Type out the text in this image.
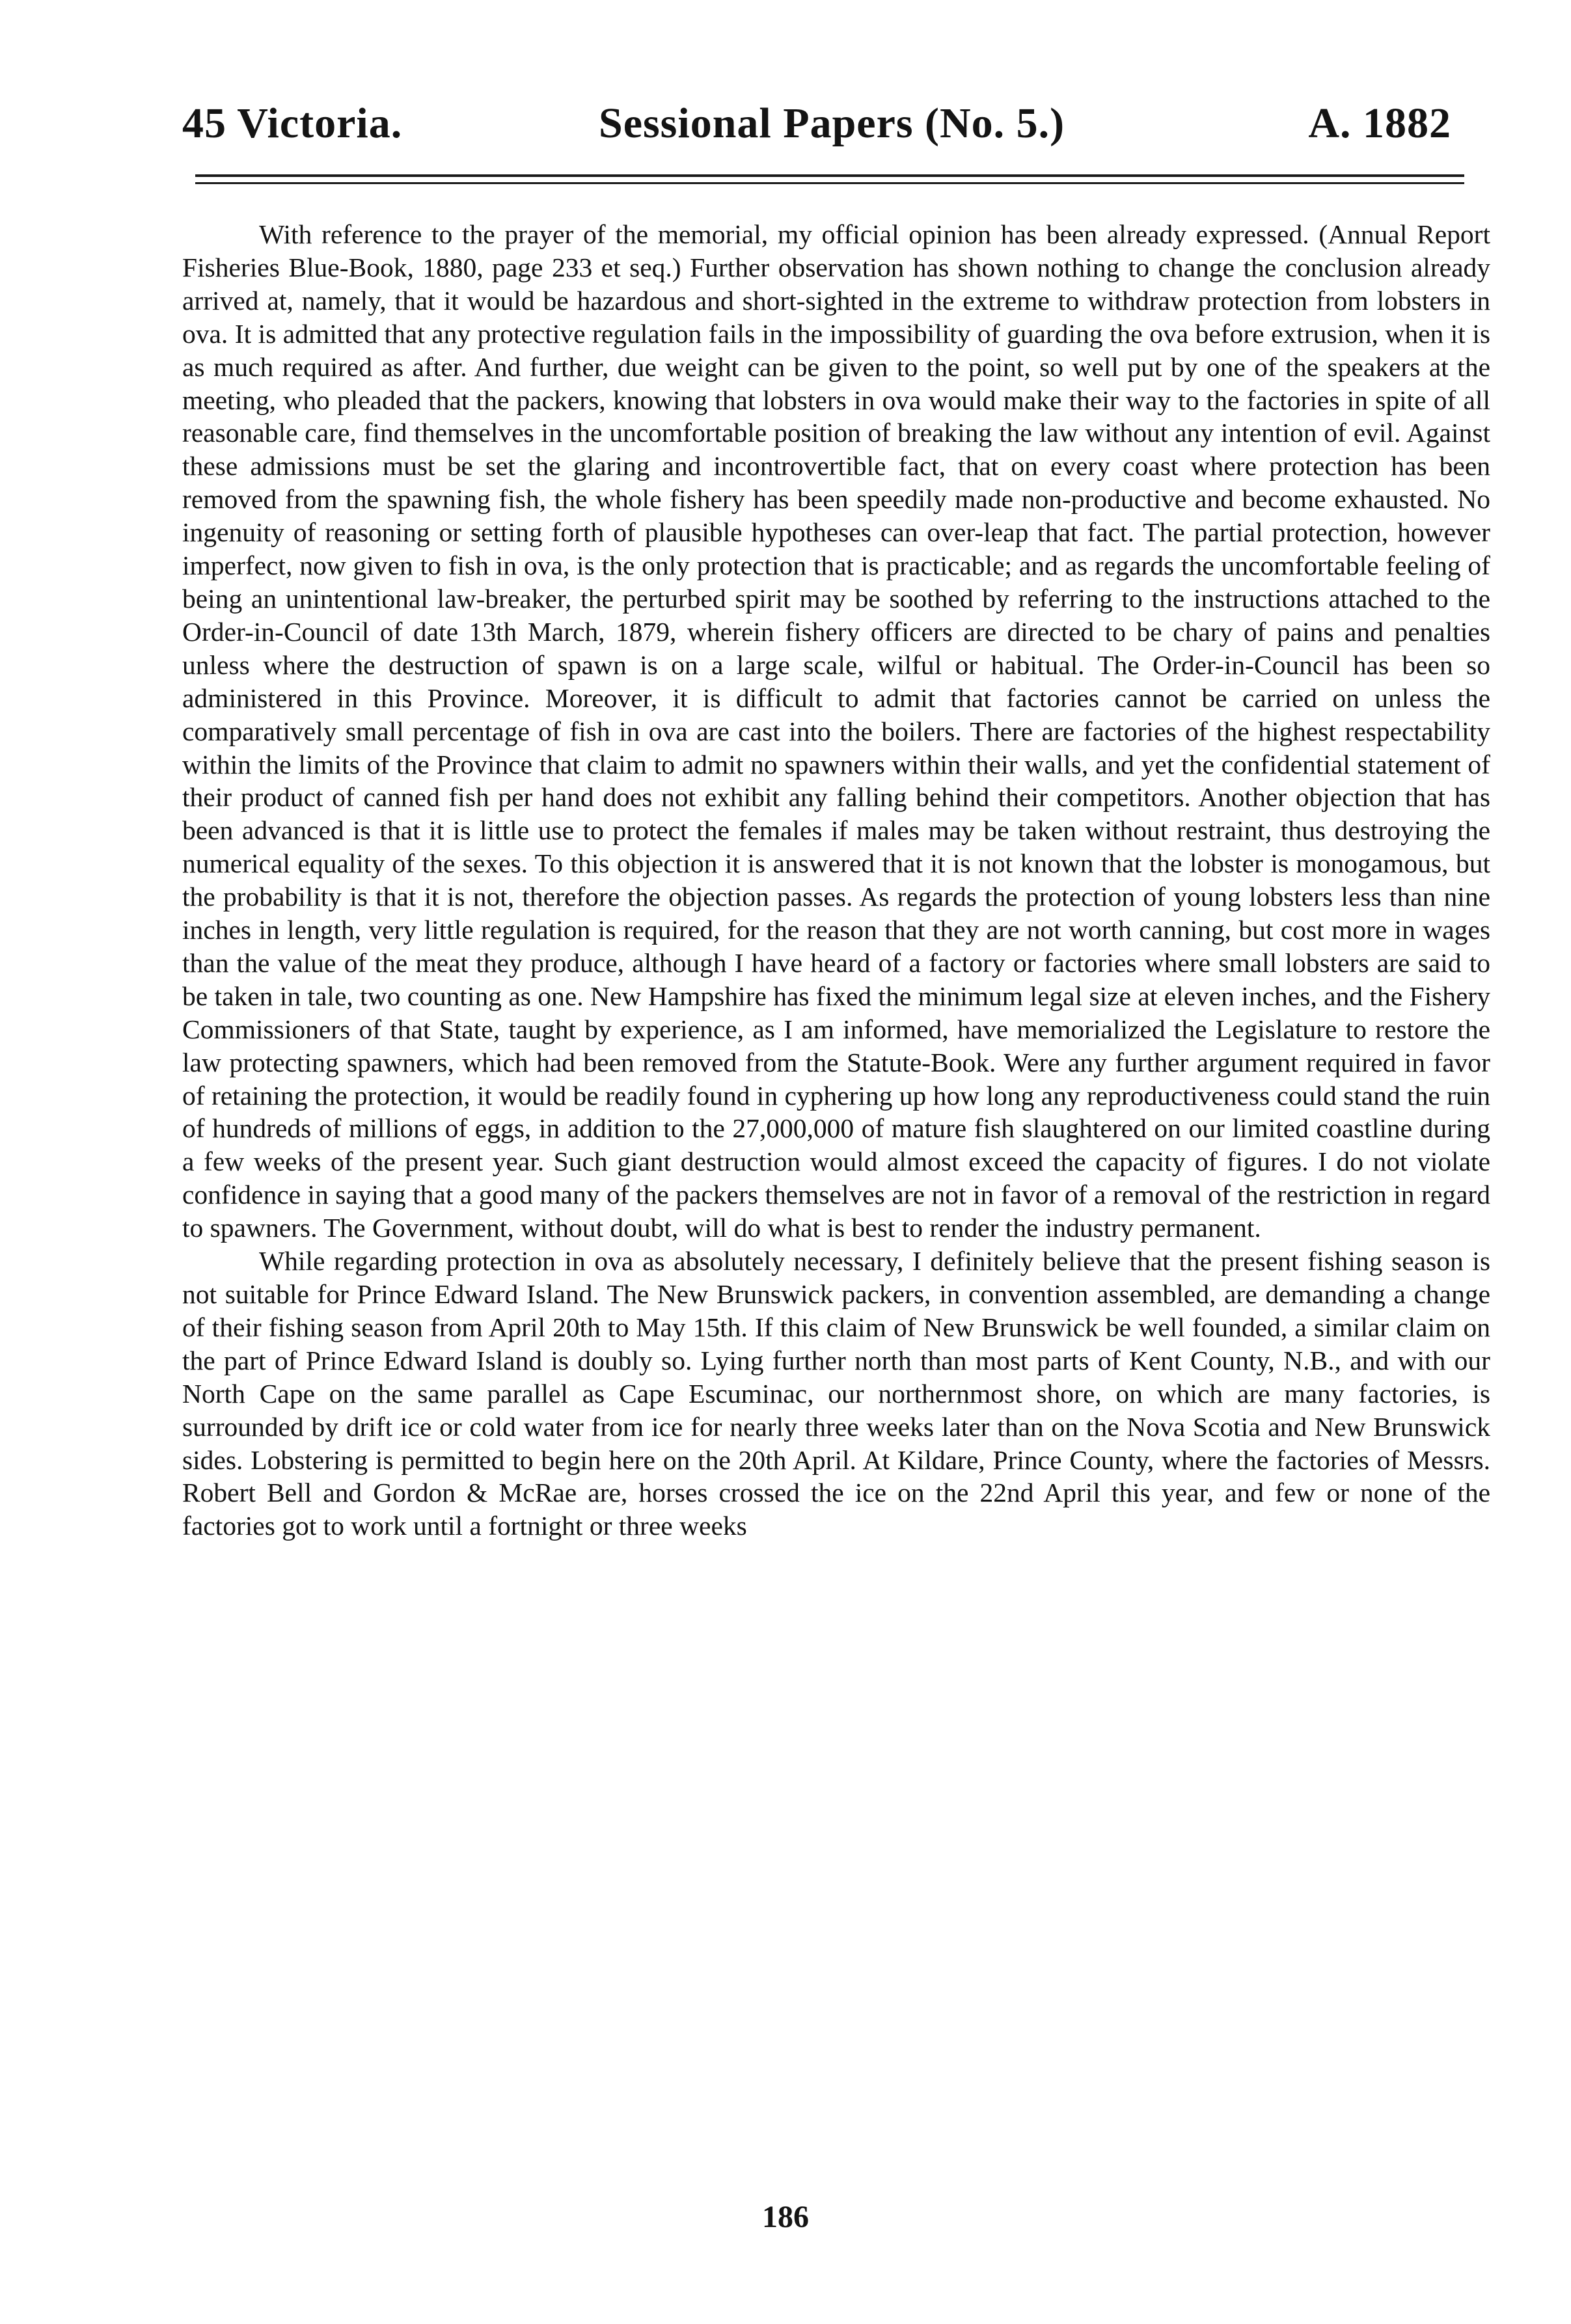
45 Victoria.	Sessional Papers (No. 5.)	A. 1882

With reference to the prayer of the memorial, my official opinion has been already expressed. (Annual Report Fisheries Blue-Book, 1880, page 233 et seq.) Further observation has shown nothing to change the conclusion already arrived at, namely, that it would be hazardous and short-sighted in the extreme to withdraw protection from lobsters in ova. It is admitted that any protective regulation fails in the impossibility of guarding the ova before extrusion, when it is as much required as after. And further, due weight can be given to the point, so well put by one of the speakers at the meeting, who pleaded that the packers, knowing that lobsters in ova would make their way to the factories in spite of all reasonable care, find themselves in the uncomfortable position of breaking the law without any intention of evil. Against these admissions must be set the glaring and incontrovertible fact, that on every coast where protection has been removed from the spawning fish, the whole fishery has been speedily made non-productive and become exhausted. No ingenuity of reasoning or setting forth of plausible hypotheses can over-leap that fact. The partial protection, however imperfect, now given to fish in ova, is the only protection that is practicable; and as regards the uncomfortable feeling of being an unintentional law-breaker, the perturbed spirit may be soothed by referring to the instructions attached to the Order-in-Council of date 13th March, 1879, wherein fishery officers are directed to be chary of pains and penalties unless where the destruction of spawn is on a large scale, wilful or habitual. The Order-in-Council has been so administered in this Province. Moreover, it is difficult to admit that factories cannot be carried on unless the comparatively small percentage of fish in ova are cast into the boilers. There are factories of the highest respectability within the limits of the Province that claim to admit no spawners within their walls, and yet the confidential statement of their product of canned fish per hand does not exhibit any falling behind their competitors. Another objection that has been advanced is that it is little use to protect the females if males may be taken without restraint, thus destroying the numerical equality of the sexes. To this objection it is answered that it is not known that the lobster is monogamous, but the probability is that it is not, therefore the objection passes. As regards the protection of young lobsters less than nine inches in length, very little regulation is required, for the reason that they are not worth canning, but cost more in wages than the value of the meat they produce, although I have heard of a factory or factories where small lobsters are said to be taken in tale, two counting as one. New Hampshire has fixed the minimum legal size at eleven inches, and the Fishery Commissioners of that State, taught by experience, as I am informed, have memorialized the Legislature to restore the law protecting spawners, which had been removed from the Statute-Book. Were any further argument required in favor of retaining the protection, it would be readily found in cyphering up how long any reproductiveness could stand the ruin of hundreds of millions of eggs, in addition to the 27,000,000 of mature fish slaughtered on our limited coastline during a few weeks of the present year. Such giant destruction would almost exceed the capacity of figures. I do not violate confidence in saying that a good many of the packers themselves are not in favor of a removal of the restriction in regard to spawners. The Government, without doubt, will do what is best to render the industry permanent.

While regarding protection in ova as absolutely necessary, I definitely believe that the present fishing season is not suitable for Prince Edward Island. The New Brunswick packers, in convention assembled, are demanding a change of their fishing season from April 20th to May 15th. If this claim of New Brunswick be well founded, a similar claim on the part of Prince Edward Island is doubly so. Lying further north than most parts of Kent County, N.B., and with our North Cape on the same parallel as Cape Escuminac, our northernmost shore, on which are many factories, is surrounded by drift ice or cold water from ice for nearly three weeks later than on the Nova Scotia and New Brunswick sides. Lobstering is permitted to begin here on the 20th April. At Kildare, Prince County, where the factories of Messrs. Robert Bell and Gordon & McRae are, horses crossed the ice on the 22nd April this year, and few or none of the factories got to work until a fortnight or three weeks

186
